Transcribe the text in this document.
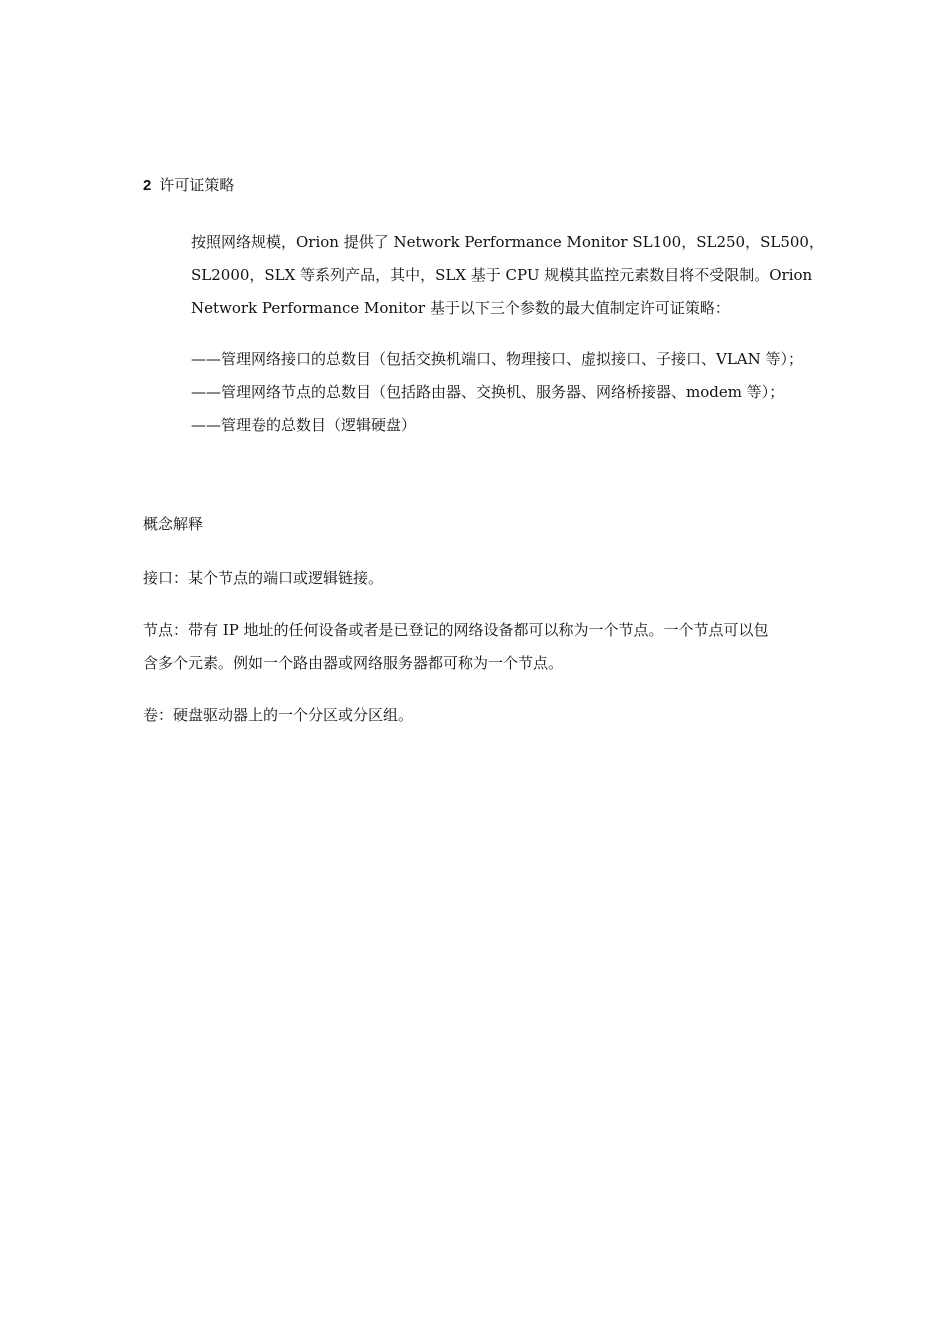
2 许可证策略
按照网络规模，Orion 提供了 Network Performance Monitor SL100，SL250，SL500，
SL2000，SLX 等系列产品，其中，SLX 基于 CPU 规模其监控元素数目将不受限制。Orion
Network Performance Monitor 基于以下三个参数的最大值制定许可证策略：
——管理网络接口的总数目（包括交换机端口、物理接口、虚拟接口、子接口、VLAN 等）；
——管理网络节点的总数目（包括路由器、交换机、服务器、网络桥接器、modem 等）；
——管理卷的总数目（逻辑硬盘）
概念解释
接口：某个节点的端口或逻辑链接。
节点：带有 IP 地址的任何设备或者是已登记的网络设备都可以称为一个节点。一个节点可以包
含多个元素。例如一个路由器或网络服务器都可称为一个节点。
卷：硬盘驱动器上的一个分区或分区组。
